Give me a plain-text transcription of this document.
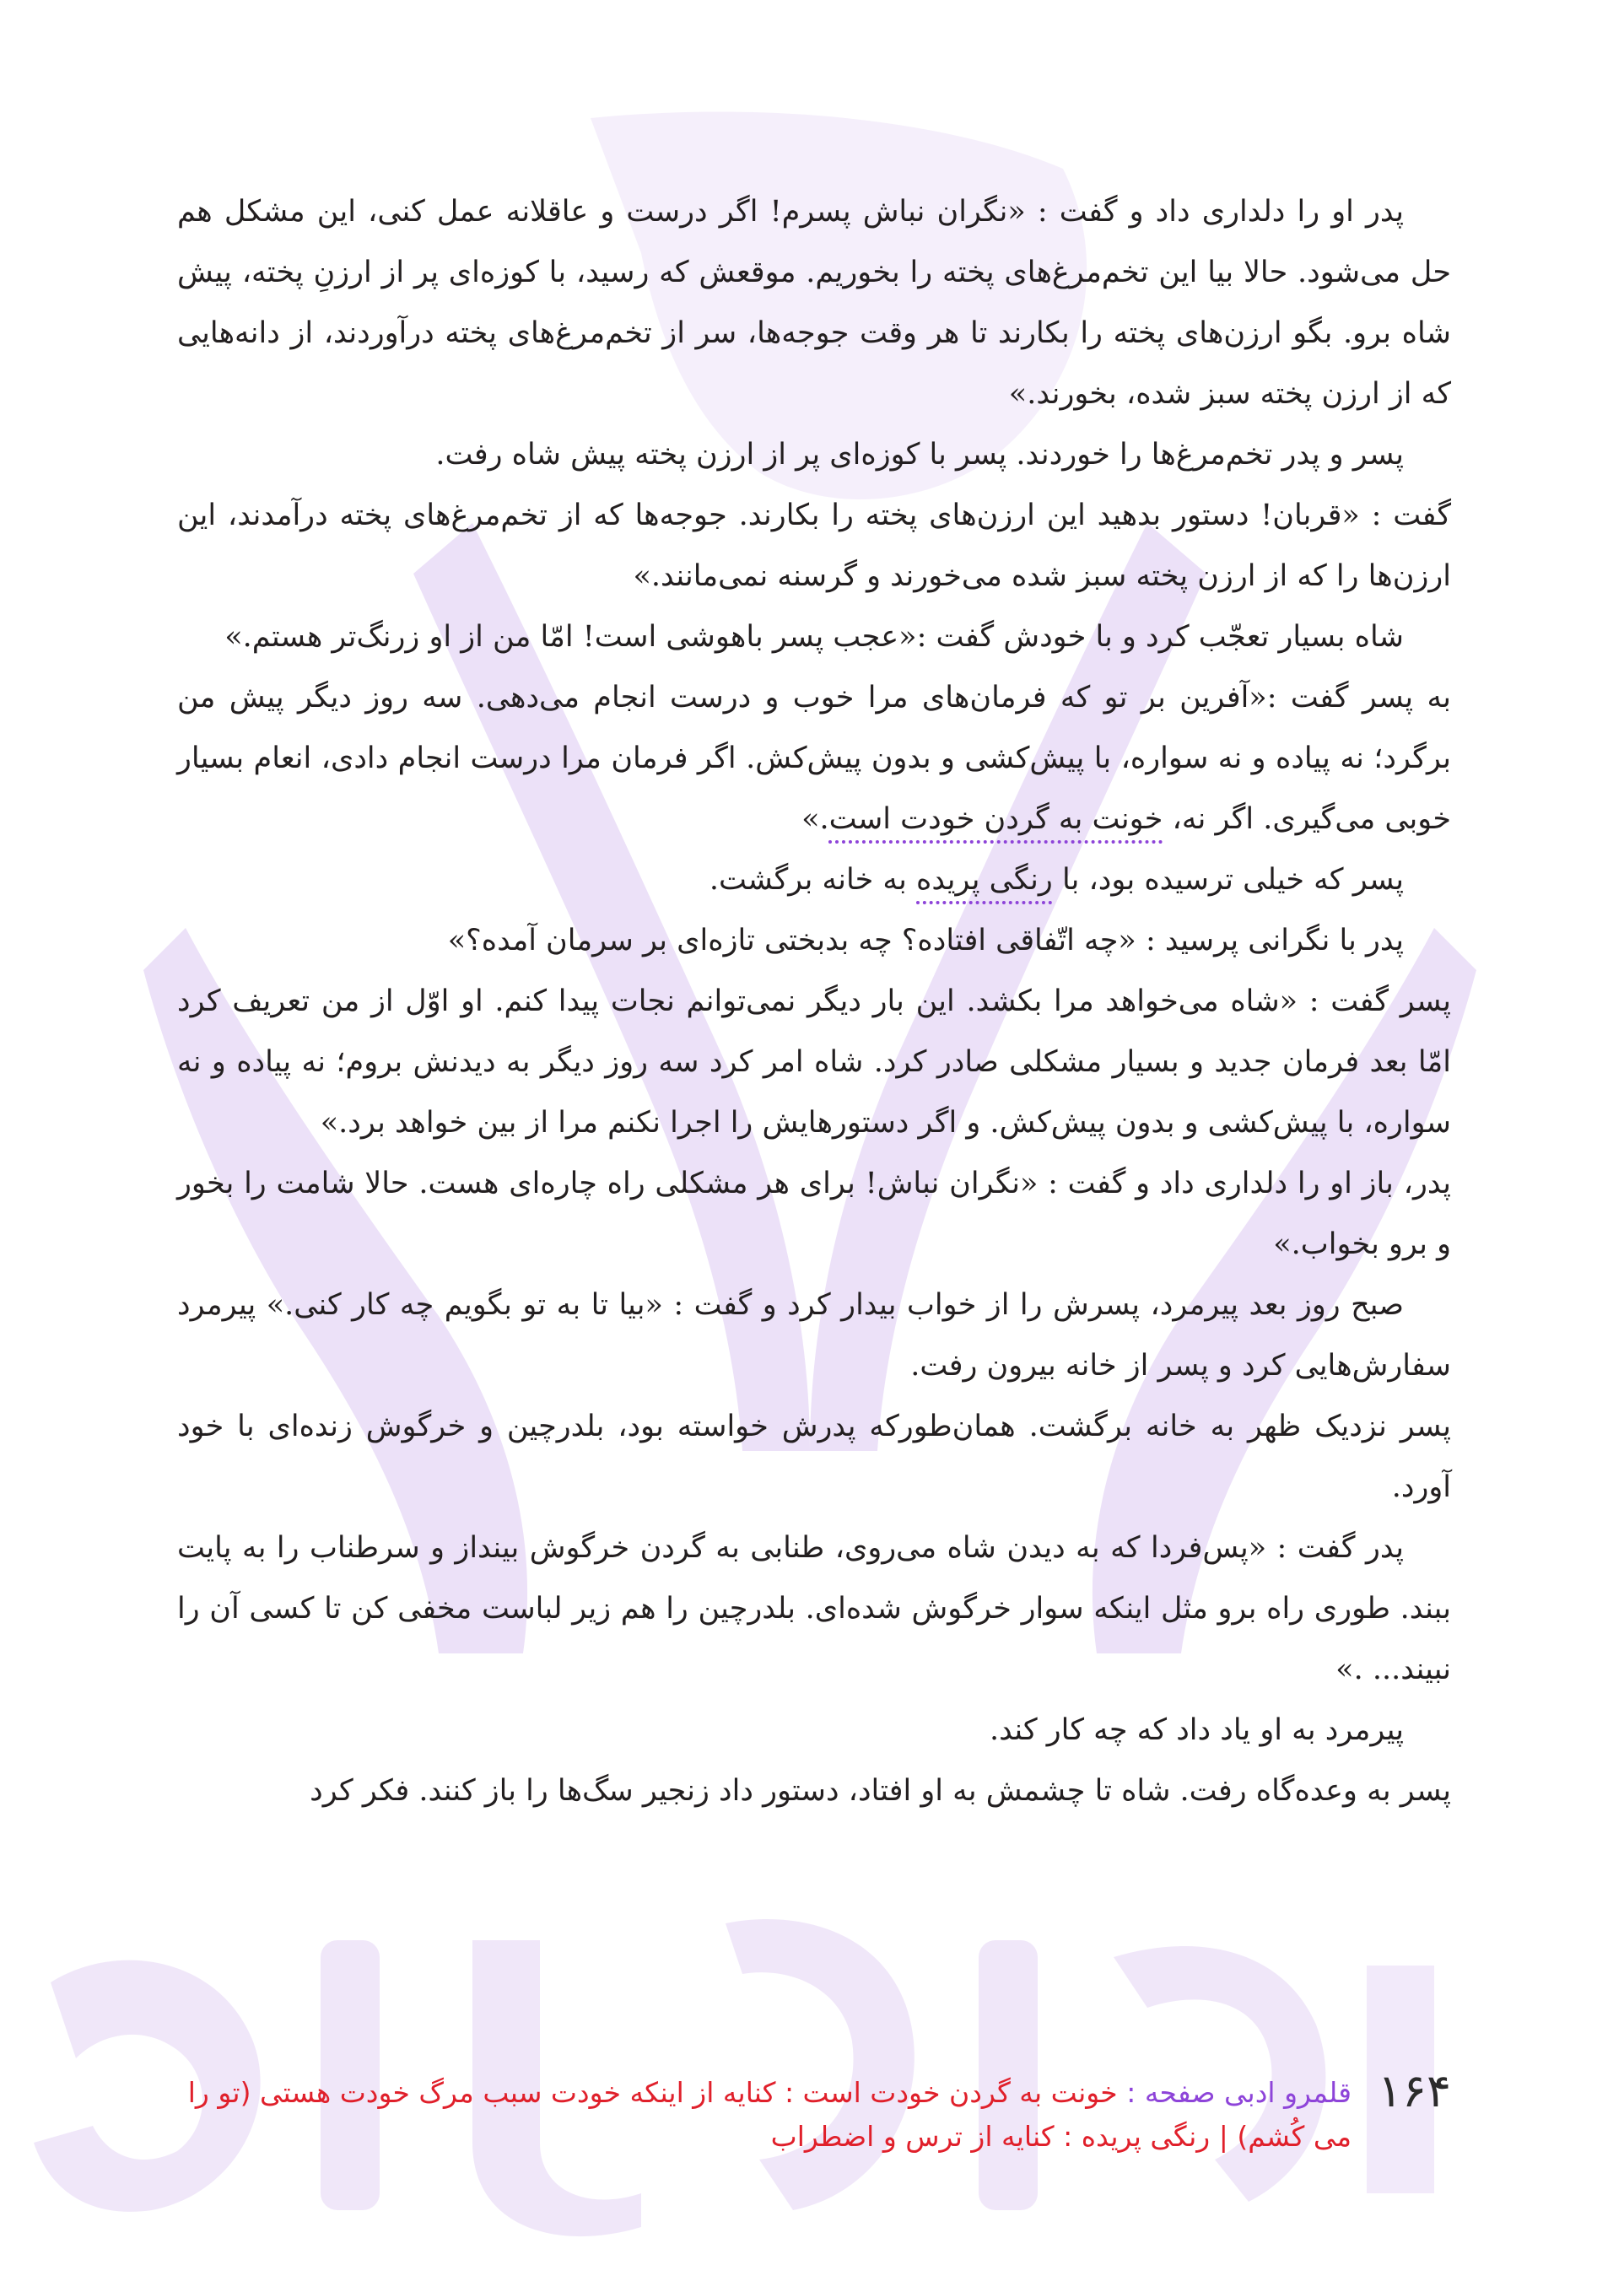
پدر او را دلداری داد و گفت : «نگران نباش پسرم! اگر درست و عاقلانه عمل کنی، این مشکل هم حل می‌شود. حالا بیا این تخم‌مرغ‌های پخته را بخوریم. موقعش که رسید، با کوزه‌ای پر از ارزنِ پخته، پیش شاه برو. بگو ارزن‌های پخته را بکارند تا هر وقت جوجه‌ها، سر از تخم‌مرغ‌های پخته درآوردند، از دانه‌هایی که از ارزن پخته سبز شده، بخورند.»

پسر و پدر تخم‌مرغ‌ها را خوردند. پسر با کوزه‌ای پر از ارزن پخته پیش شاه رفت.

گفت : «قربان! دستور بدهید این ارزن‌های پخته را بکارند. جوجه‌ها که از تخم‌مرغ‌های پخته درآمدند، این ارزن‌ها را که از ارزن پخته سبز شده می‌خورند و گرسنه نمی‌مانند.»

شاه بسیار تعجّب کرد و با خودش گفت :«عجب پسر باهوشی است! امّا من از او زرنگ‌تر هستم.»

به پسر گفت :«آفرین بر تو که فرمان‌های مرا خوب و درست انجام می‌دهی. سه روز دیگر پیش من برگرد؛ نه پیاده و نه سواره، با پیش‌کشی و بدون پیش‌کش. اگر فرمان مرا درست انجام دادی، انعام بسیار خوبی می‌گیری. اگر نه، خونت به گردن خودت است.»

پسر که خیلی ترسیده بود، با رنگی پریده به خانه برگشت.

پدر با نگرانی پرسید : «چه اتّفاقی افتاده؟ چه بدبختی تازه‌ای بر سرمان آمده؟»

پسر گفت : «شاه می‌خواهد مرا بکشد. این بار دیگر نمی‌توانم نجات پیدا کنم. او اوّل از من تعریف کرد امّا بعد فرمان جدید و بسیار مشکلی صادر کرد. شاه امر کرد سه روز دیگر به دیدنش بروم؛ نه پیاده و نه سواره، با پیش‌کشی و بدون پیش‌کش. و اگر دستورهایش را اجرا نکنم مرا از بین خواهد برد.»

پدر، باز او را دلداری داد و گفت : «نگران نباش! برای هر مشکلی راه چاره‌ای هست. حالا شامت را بخور و برو بخواب.»

صبح روز بعد پیرمرد، پسرش را از خواب بیدار کرد و گفت : «بیا تا به تو بگویم چه کار کنی.» پیرمرد سفارش‌هایی کرد و پسر از خانه بیرون رفت.

پسر نزدیک ظهر به خانه برگشت. همان‌طورکه پدرش خواسته بود، بلدرچین و خرگوش زنده‌ای با خود آورد.

پدر گفت : «پس‌فردا که به دیدن شاه می‌روی، طنابی به گردن خرگوش بینداز و سرطناب را به پایت ببند. طوری راه برو مثل اینکه سوار خرگوش شده‌ای. بلدرچین را هم زیر لباست مخفی کن تا کسی آن را نبیند... .»

پیرمرد به او یاد داد که چه کار کند.

پسر به وعده‌گاه رفت. شاه تا چشمش به او افتاد، دستور داد زنجیر سگ‌ها را باز کنند. فکر کرد

۱۶۴
قلمرو ادبی صفحه : خونت به گردن خودت است : کنایه از اینکه خودت سبب مرگ خودت هستی (تو را می کُشم) | رنگی پریده : کنایه از ترس و اضطراب
